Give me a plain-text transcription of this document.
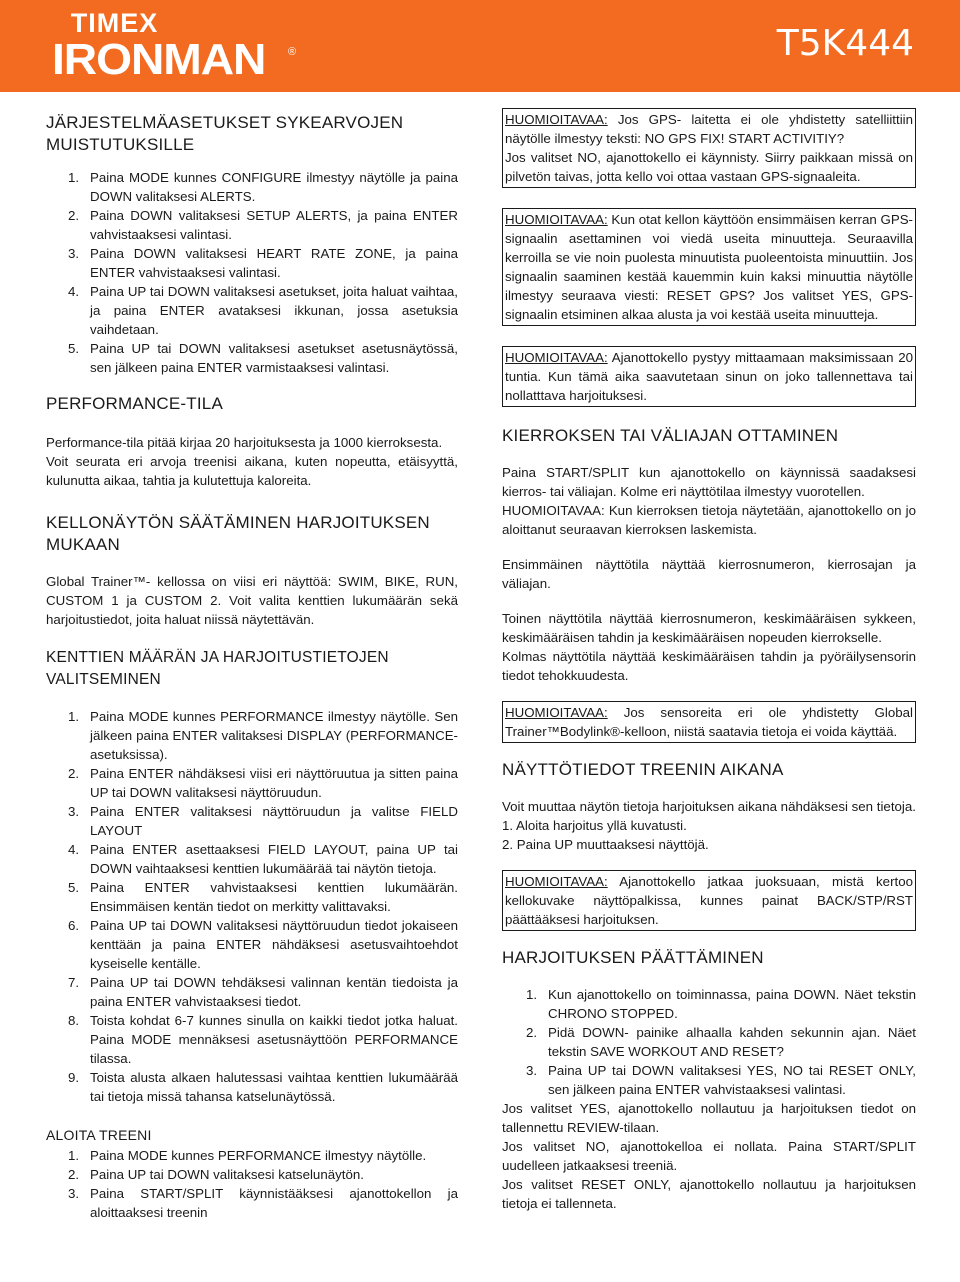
TIMEX
IRONMAN ®	T5K444
JÄRJESTELMÄASETUKSET SYKEARVOJEN MUISTUTUKSILLE
1. Paina MODE kunnes CONFIGURE ilmestyy näytölle ja paina DOWN valitaksesi ALERTS.
2. Paina DOWN valitaksesi SETUP ALERTS, ja paina ENTER vahvistaaksesi valintasi.
3. Paina DOWN valitaksesi HEART RATE ZONE, ja paina ENTER vahvistaaksesi valintasi.
4. Paina UP tai DOWN valitaksesi asetukset, joita haluat vaihtaa, ja paina ENTER avataksesi ikkunan, jossa asetuksia vaihdetaan.
5. Paina UP tai DOWN valitaksesi asetukset asetusnäytössä, sen jälkeen paina ENTER varmistaaksesi valintasi.
PERFORMANCE-TILA

Performance-tila pitää kirjaa 20 harjoituksesta ja 1000 kierroksesta.

Voit seurata eri arvoja treenisi aikana, kuten nopeutta, etäisyyttä, kulunutta aikaa, tahtia ja kulutettuja kaloreita.

KELLONÄYTÖN SÄÄTÄMINEN HARJOITUKSEN MUKAAN

Global Trainer™- kellossa on viisi eri näyttöä: SWIM, BIKE, RUN, CUSTOM 1 ja CUSTOM 2. Voit valita kenttien lukumäärän sekä harjoitustiedot, joita haluat niissä näytettävän.

KENTTIEN MÄÄRÄN JA HARJOITUSTIETOJEN VALITSEMINEN
1. Paina MODE kunnes PERFORMANCE ilmestyy näytölle. Sen jälkeen paina ENTER valitaksesi DISPLAY (PERFORMANCE-asetuksissa).
2. Paina ENTER nähdäksesi viisi eri näyttöruutua ja sitten paina UP tai DOWN valitaksesi näyttöruudun.
3. Paina ENTER valitaksesi näyttöruudun ja valitse FIELD LAYOUT
4. Paina ENTER asettaaksesi FIELD LAYOUT, paina UP tai DOWN vaihtaaksesi kenttien lukumäärää tai näytön tietoja.
5. Paina ENTER vahvistaaksesi kenttien lukumäärän. Ensimmäisen kentän tiedot on merkitty valittavaksi.
6. Paina UP tai DOWN valitaksesi näyttöruudun tiedot jokaiseen kenttään ja paina ENTER nähdäksesi asetusvaihtoehdot kyseiselle kentälle.
7. Paina UP tai DOWN tehdäksesi valinnan kentän tiedoista ja paina ENTER vahvistaaksesi tiedot.
8. Toista kohdat 6-7 kunnes sinulla on kaikki tiedot jotka haluat. Paina MODE mennäksesi asetusnäyttöön PERFORMANCE tilassa.
9. Toista alusta alkaen halutessasi vaihtaa kenttien lukumäärää tai tietoja missä tahansa katselunäytössä.
ALOITA TREENI
1. Paina MODE kunnes PERFORMANCE ilmestyy näytölle.
2. Paina UP tai DOWN valitaksesi katselunäytön.
3. Paina START/SPLIT käynnistääksesi ajanottokellon ja aloittaaksesi treenin

HUOMIOITAVAA: Jos GPS- laitetta ei ole yhdistetty satelliittiin näytölle ilmestyy teksti: NO GPS FIX! START ACTIVITIY?

Jos valitset NO, ajanottokello ei käynnisty. Siirry paikkaan missä on pilvetön taivas, jotta kello voi ottaa vastaan GPS-signaaleita.

HUOMIOITAVAA: Kun otat kellon käyttöön ensimmäisen kerran GPS-signaalin asettaminen voi viedä useita minuutteja. Seuraavilla kerroilla se vie noin puolesta minuutista puoleentoista minuuttiin. Jos signaalin saaminen kestää kauemmin kuin kaksi minuuttia näytölle ilmestyy seuraava viesti: RESET GPS? Jos valitset YES, GPS-signaalin etsiminen alkaa alusta ja voi kestää useita minuutteja.

HUOMIOITAVAA: Ajanottokello pystyy mittaamaan maksimissaan 20 tuntia. Kun tämä aika saavutetaan sinun on joko tallennettava tai nollatttava harjoituksesi.

KIERROKSEN TAI VÄLIAJAN OTTAMINEN

Paina START/SPLIT kun ajanottokello on käynnissä saadaksesi kierros- tai väliajan. Kolme eri näyttötilaa ilmestyy vuorotellen.

HUOMIOITAVAA: Kun kierroksen tietoja näytetään, ajanottokello on jo aloittanut seuraavan kierroksen laskemista.

Ensimmäinen näyttötila näyttää kierrosnumeron, kierrosajan ja väliajan.

Toinen näyttötila näyttää kierrosnumeron, keskimääräisen sykkeen, keskimääräisen tahdin ja keskimääräisen nopeuden kierrokselle.

Kolmas näyttötila näyttää keskimääräisen tahdin ja pyöräilysensorin tiedot tehokkuudesta.

HUOMIOITAVAA: Jos sensoreita eri ole yhdistetty Global Trainer™Bodylink®-kelloon, niistä saatavia tietoja ei voida käyttää.

NÄYTTÖTIEDOT TREENIN AIKANA

Voit muuttaa näytön tietoja harjoituksen aikana nähdäksesi sen tietoja.

1. Aloita harjoitus yllä kuvatusti.

2. Paina UP muuttaaksesi näyttöjä.

HUOMIOITAVAA: Ajanottokello jatkaa juoksuaan, mistä kertoo kellokuvake näyttöpalkissa, kunnes painat BACK/STP/RST päättääksesi harjoituksen.

HARJOITUKSEN PÄÄTTÄMINEN
1. Kun ajanottokello on toiminnassa, paina DOWN. Näet tekstin CHRONO STOPPED.
2. Pidä DOWN- painike alhaalla kahden sekunnin ajan. Näet tekstin SAVE WORKOUT AND RESET?
3. Paina UP tai DOWN valitaksesi YES, NO tai RESET ONLY, sen jälkeen paina ENTER vahvistaaksesi valintasi.

Jos valitset YES, ajanottokello nollautuu ja harjoituksen tiedot on tallennettu REVIEW-tilaan.

Jos valitset NO, ajanottokelloa ei nollata. Paina START/SPLIT uudelleen jatkaaksesi treeniä.

Jos valitset RESET ONLY, ajanottokello nollautuu ja harjoituksen tietoja ei tallenneta.
